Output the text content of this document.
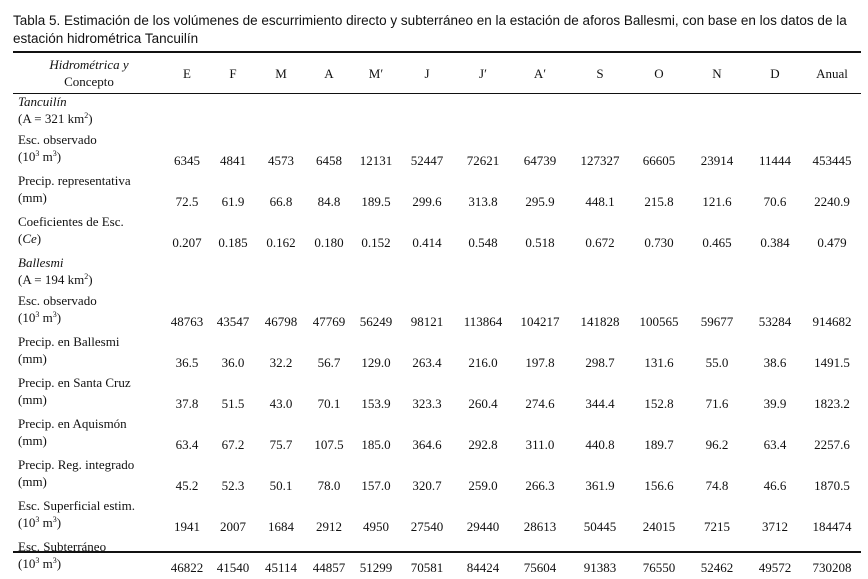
Tabla 5. Estimación de los volúmenes de escurrimiento directo y subterráneo en la estación de aforos Ballesmi, con base en los datos de la estación hidrométrica Tancuilín
Hidrométrica y
Concepto	E	F	M	A	M′	J	J′	A′	S	O	N	D	Anual

Tancuilín
(A = 321 $km^2$)													

Esc. observado
($10^3$ $m^3$)	6345	4841	4573	6458	12131	52447	72621	64739	127327	66605	23914	11444	453445

Precip. representativa
(mm)	72.5	61.9	66.8	84.8	189.5	299.6	313.8	295.9	448.1	215.8	121.6	70.6	2240.9

Coeficientes de Esc.
(Ce)	0.207	0.185	0.162	0.180	0.152	0.414	0.548	0.518	0.672	0.730	0.465	0.384	0.479

Ballesmi
(A = 194 $km^2$)													

Esc. observado
($10^3$ $m^3$)	48763	43547	46798	47769	56249	98121	113864	104217	141828	100565	59677	53284	914682

Precip. en Ballesmi
(mm)	36.5	36.0	32.2	56.7	129.0	263.4	216.0	197.8	298.7	131.6	55.0	38.6	1491.5

Precip. en Santa Cruz
(mm)	37.8	51.5	43.0	70.1	153.9	323.3	260.4	274.6	344.4	152.8	71.6	39.9	1823.2

Precip. en Aquismón
(mm)	63.4	67.2	75.7	107.5	185.0	364.6	292.8	311.0	440.8	189.7	96.2	63.4	2257.6

Precip. Reg. integrado
(mm)	45.2	52.3	50.1	78.0	157.0	320.7	259.0	266.3	361.9	156.6	74.8	46.6	1870.5

Esc. Superficial estim.
($10^3$ $m^3$)	1941	2007	1684	2912	4950	27540	29440	28613	50445	24015	7215	3712	184474

Esc. Subterráneo
($10^3$ $m^3$)	46822	41540	45114	44857	51299	70581	84424	75604	91383	76550	52462	49572	730208
